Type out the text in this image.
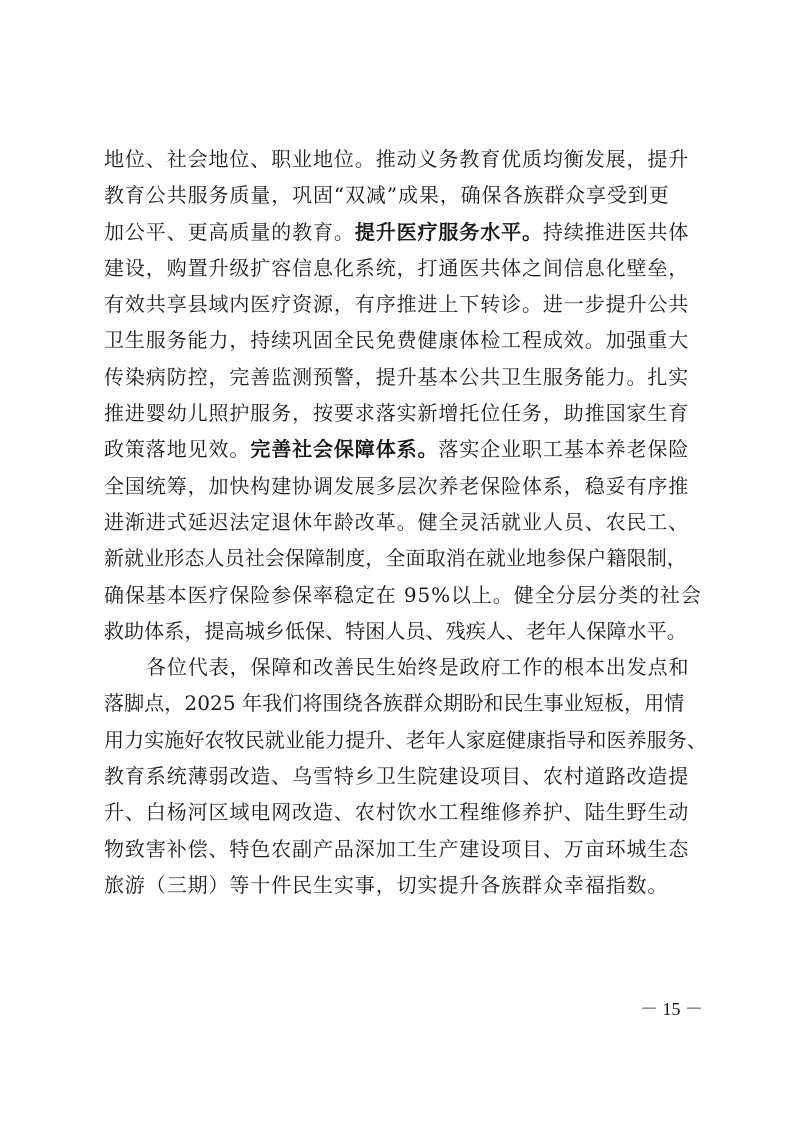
地位、社会地位、职业地位。推动义务教育优质均衡发展，提升
教育公共服务质量，巩固“双减”成果，确保各族群众享受到更
加公平、更高质量的教育。提升医疗服务水平。持续推进医共体
建设，购置升级扩容信息化系统，打通医共体之间信息化壁垒，
有效共享县域内医疗资源，有序推进上下转诊。进一步提升公共
卫生服务能力，持续巩固全民免费健康体检工程成效。加强重大
传染病防控，完善监测预警，提升基本公共卫生服务能力。扎实
推进婴幼儿照护服务，按要求落实新增托位任务，助推国家生育
政策落地见效。完善社会保障体系。落实企业职工基本养老保险
全国统筹，加快构建协调发展多层次养老保险体系，稳妥有序推
进渐进式延迟法定退休年龄改革。健全灵活就业人员、农民工、
新就业形态人员社会保障制度，全面取消在就业地参保户籍限制，
确保基本医疗保险参保率稳定在 95%以上。健全分层分类的社会
救助体系，提高城乡低保、特困人员、残疾人、老年人保障水平。
各位代表，保障和改善民生始终是政府工作的根本出发点和
落脚点，2025 年我们将围绕各族群众期盼和民生事业短板，用情
用力实施好农牧民就业能力提升、老年人家庭健康指导和医养服务、
教育系统薄弱改造、乌雪特乡卫生院建设项目、农村道路改造提
升、白杨河区域电网改造、农村饮水工程维修养护、陆生野生动
物致害补偿、特色农副产品深加工生产建设项目、万亩环城生态
旅游（三期）等十件民生实事，切实提升各族群众幸福指数。
－ 15 －
